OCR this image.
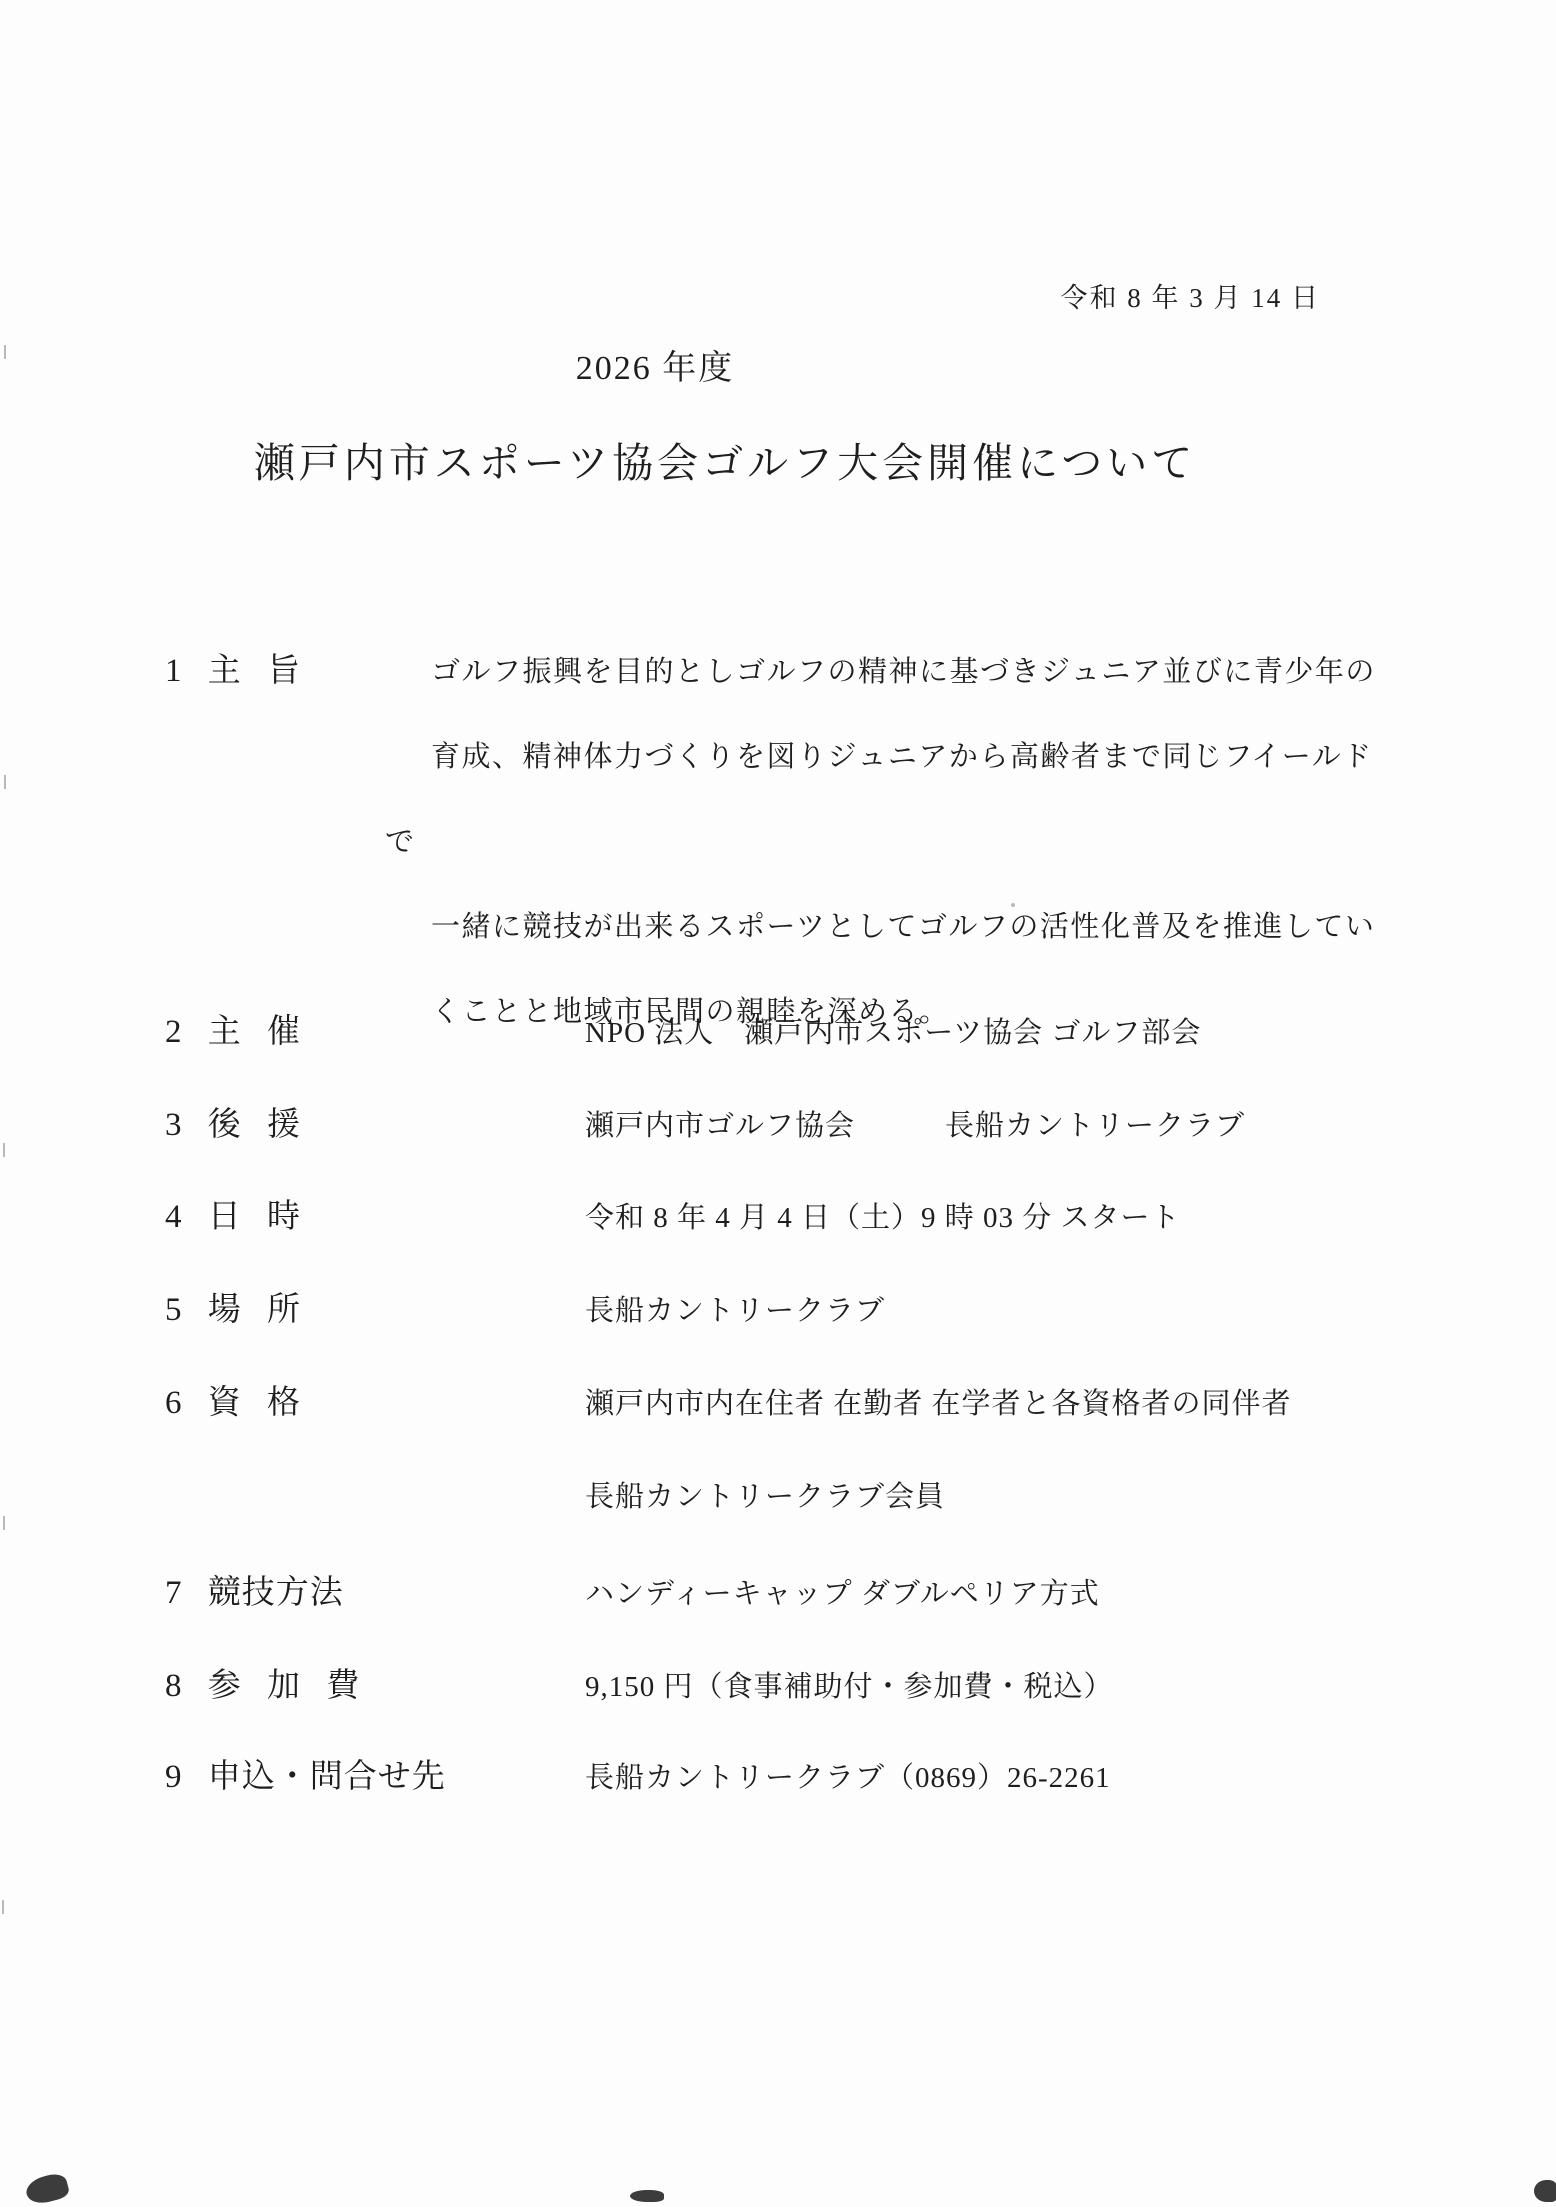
令和 8 年 3 月 14 日
2026 年度
瀬戸内市スポーツ協会ゴルフ大会開催について
1 主 旨	ゴルフ振興を目的としゴルフの精神に基づきジュニア並びに青少年の
育成、精神体力づくりを図りジュニアから高齢者まで同じフイールドで
一緒に競技が出来るスポーツとしてゴルフの活性化普及を推進してい
くことと地域市民間の親睦を深める。
2 主 催	NPO 法人　瀬戸内市スポーツ協会 ゴルフ部会
3 後 援	瀬戸内市ゴルフ協会　　　長船カントリークラブ
4 日 時	令和 8 年 4 月 4 日（土）9 時 03 分 スタート
5 場 所	長船カントリークラブ
6 資 格	瀬戸内市内在住者 在勤者 在学者と各資格者の同伴者
長船カントリークラブ会員
7 競技方法	ハンディーキャップ ダブルペリア方式
8 参 加 費	9,150 円（食事補助付・参加費・税込）
9 申込・問合せ先	長船カントリークラブ（0869）26-2261
